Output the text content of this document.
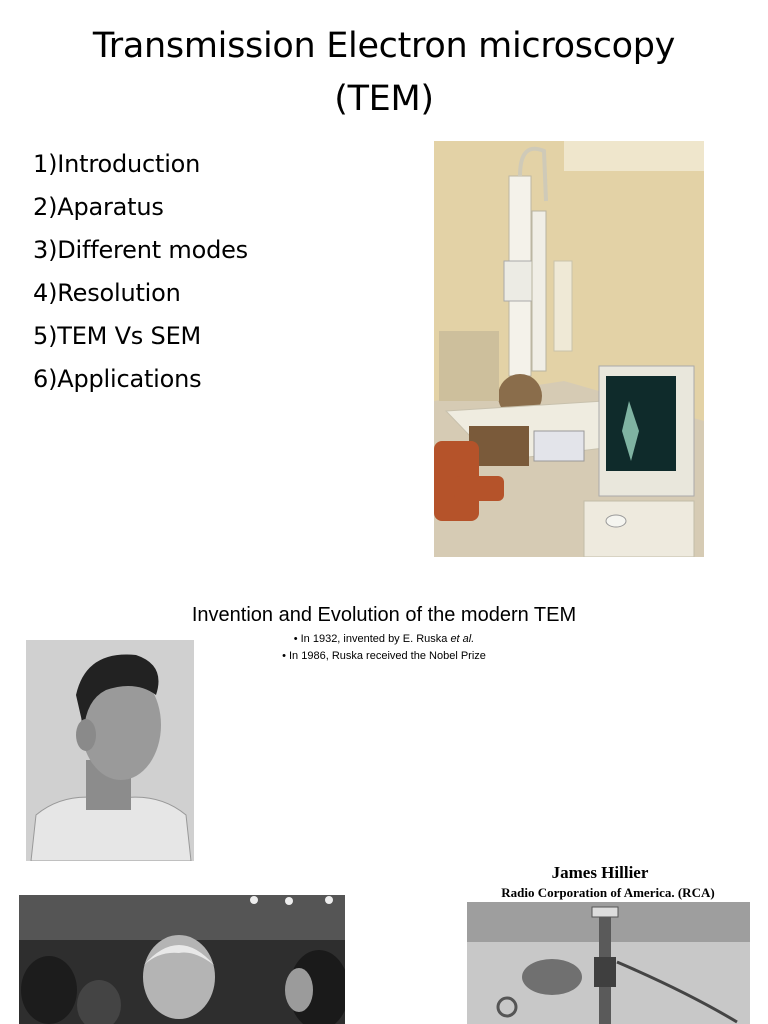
Transmission Electron microscopy
(TEM)
1)Introduction
2)Aparatus
3)Different modes
4)Resolution
5)TEM Vs SEM
6)Applications
Invention and Evolution of the modern TEM
• In 1932, invented by E. Ruska et al.
• In 1986, Ruska received the Nobel Prize
James Hillier
Radio Corporation of America. (RCA)
